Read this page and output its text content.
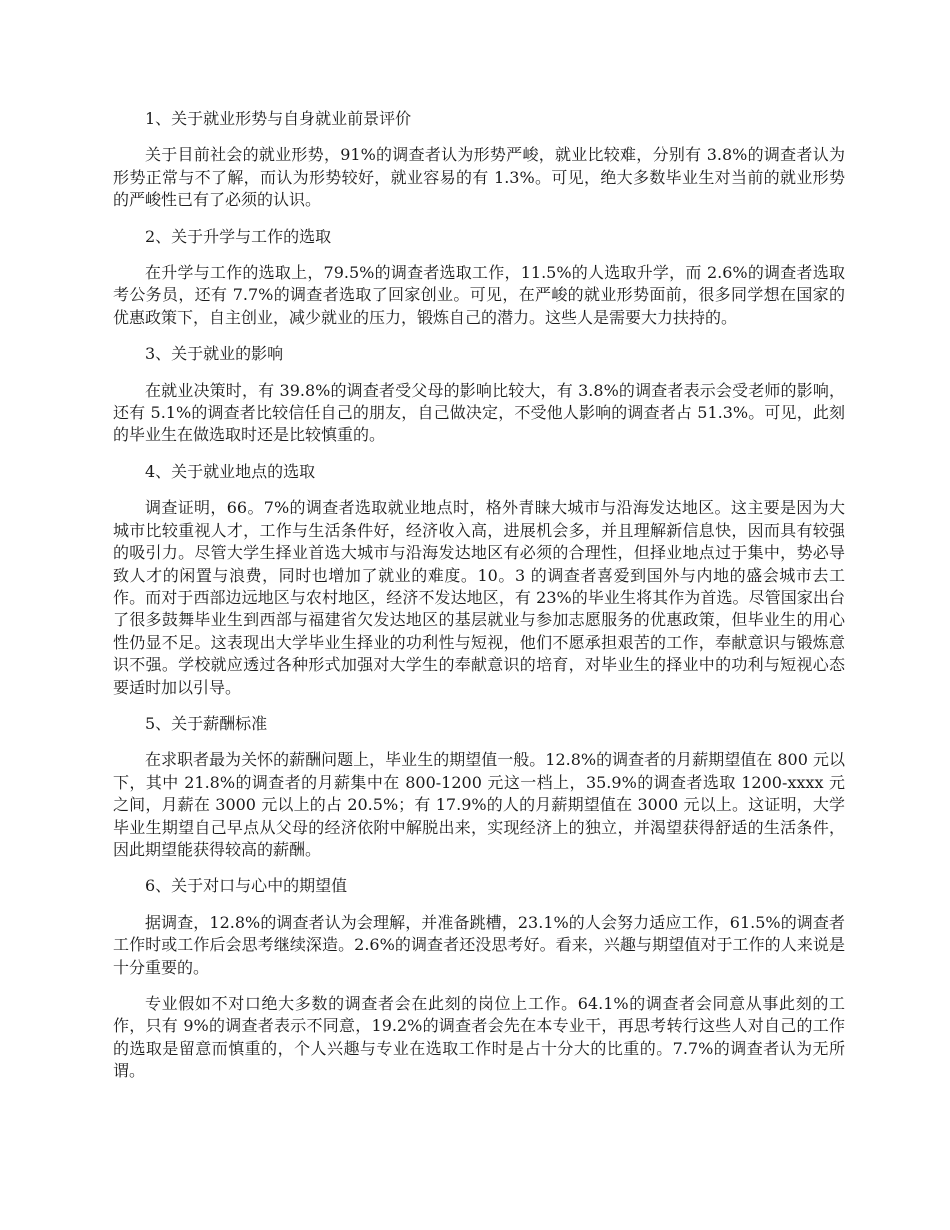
1、关于就业形势与自身就业前景评价

关于目前社会的就业形势，91%的调查者认为形势严峻，就业比较难，分别有 3.8%的调查者认为形势正常与不了解，而认为形势较好，就业容易的有 1.3%。可见，绝大多数毕业生对当前的就业形势的严峻性已有了必须的认识。

2、关于升学与工作的选取

在升学与工作的选取上，79.5%的调查者选取工作，11.5%的人选取升学，而 2.6%的调查者选取考公务员，还有 7.7%的调查者选取了回家创业。可见，在严峻的就业形势面前，很多同学想在国家的优惠政策下，自主创业，减少就业的压力，锻炼自己的潜力。这些人是需要大力扶持的。

3、关于就业的影响

在就业决策时，有 39.8%的调查者受父母的影响比较大，有 3.8%的调查者表示会受老师的影响，还有 5.1%的调查者比较信任自己的朋友，自己做决定，不受他人影响的调查者占 51.3%。可见，此刻的毕业生在做选取时还是比较慎重的。

4、关于就业地点的选取

调查证明，66。7%的调查者选取就业地点时，格外青睐大城市与沿海发达地区。这主要是因为大城市比较重视人才，工作与生活条件好，经济收入高，进展机会多，并且理解新信息快，因而具有较强的吸引力。尽管大学生择业首选大城市与沿海发达地区有必须的合理性，但择业地点过于集中，势必导致人才的闲置与浪费，同时也增加了就业的难度。10。3 的调查者喜爱到国外与内地的盛会城市去工作。而对于西部边远地区与农村地区，经济不发达地区，有 23%的毕业生将其作为首选。尽管国家出台了很多鼓舞毕业生到西部与福建省欠发达地区的基层就业与参加志愿服务的优惠政策，但毕业生的用心性仍显不足。这表现出大学毕业生择业的功利性与短视，他们不愿承担艰苦的工作，奉献意识与锻炼意识不强。学校就应透过各种形式加强对大学生的奉献意识的培育，对毕业生的择业中的功利与短视心态要适时加以引导。

5、关于薪酬标准

在求职者最为关怀的薪酬问题上，毕业生的期望值一般。12.8%的调查者的月薪期望值在 800 元以下，其中 21.8%的调查者的月薪集中在 800-1200 元这一档上，35.9%的调查者选取 1200-xxxx 元之间，月薪在 3000 元以上的占 20.5%；有 17.9%的人的月薪期望值在 3000 元以上。这证明，大学毕业生期望自己早点从父母的经济依附中解脱出来，实现经济上的独立，并渴望获得舒适的生活条件，因此期望能获得较高的薪酬。

6、关于对口与心中的期望值

据调查，12.8%的调查者认为会理解，并准备跳槽，23.1%的人会努力适应工作，61.5%的调查者工作时或工作后会思考继续深造。2.6%的调查者还没思考好。看来，兴趣与期望值对于工作的人来说是十分重要的。

专业假如不对口绝大多数的调查者会在此刻的岗位上工作。64.1%的调查者会同意从事此刻的工作，只有 9%的调查者表示不同意，19.2%的调查者会先在本专业干，再思考转行这些人对自己的工作的选取是留意而慎重的，个人兴趣与专业在选取工作时是占十分大的比重的。7.7%的调查者认为无所谓。
